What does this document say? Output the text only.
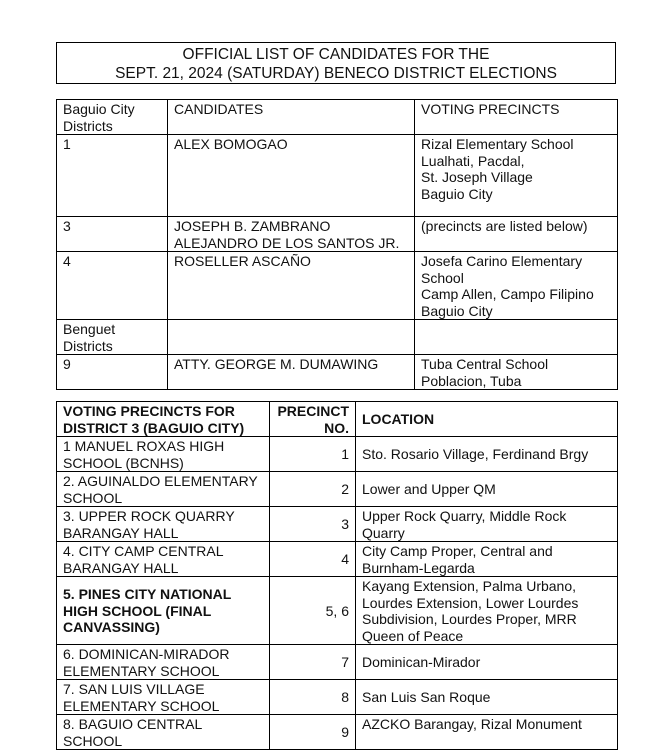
OFFICIAL LIST OF CANDIDATES FOR THE
SEPT. 21, 2024 (SATURDAY) BENECO DISTRICT ELECTIONS
Baguio City Districts	CANDIDATES	VOTING PRECINCTS
1	ALEX BOMOGAO	Rizal Elementary School
Lualhati, Pacdal,
St. Joseph Village
Baguio City

3	JOSEPH B. ZAMBRANO
ALEJANDRO DE LOS SANTOS JR.	(precincts are listed below)

4	ROSELLER ASCAÑO	Josefa Carino Elementary School
Camp Allen, Campo Filipino
Baguio City

Benguet Districts		
9	ATTY. GEORGE M. DUMAWING	Tuba Central School
Poblacion, Tuba
VOTING PRECINCTS FOR DISTRICT 3 (BAGUIO CITY)	PRECINCT NO.	LOCATION
1 MANUEL ROXAS HIGH SCHOOL (BCNHS)	1	Sto. Rosario Village, Ferdinand Brgy
2. AGUINALDO ELEMENTARY SCHOOL	2	Lower and Upper QM
3. UPPER ROCK QUARRY BARANGAY HALL	3	Upper Rock Quarry, Middle Rock Quarry
4. CITY CAMP CENTRAL BARANGAY HALL	4	City Camp Proper, Central and Burnham-Legarda
5. PINES CITY NATIONAL HIGH SCHOOL (FINAL CANVASSING)	5, 6	Kayang Extension, Palma Urbano, Lourdes Extension, Lower Lourdes Subdivision, Lourdes Proper, MRR Queen of Peace
6. DOMINICAN-MIRADOR ELEMENTARY SCHOOL	7	Dominican-Mirador
7. SAN LUIS VILLAGE ELEMENTARY SCHOOL	8	San Luis San Roque
8. BAGUIO CENTRAL SCHOOL	9	AZCKO Barangay, Rizal Monument
